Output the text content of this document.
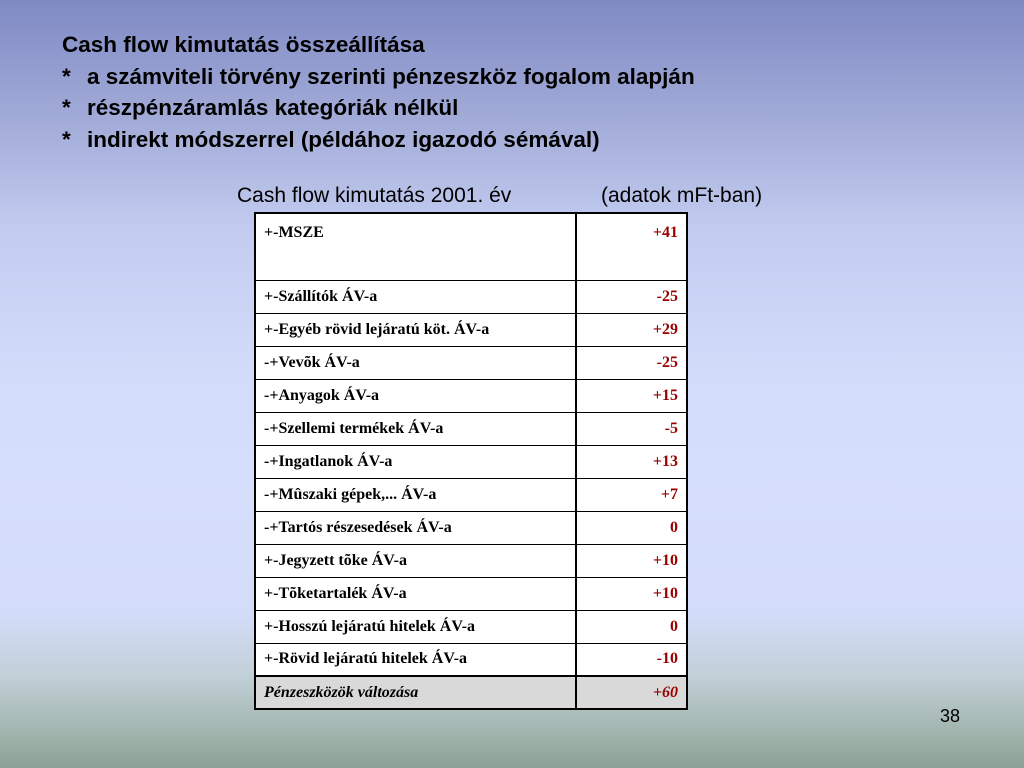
Cash flow kimutatás összeállítása
* a számviteli törvény szerinti pénzeszköz fogalom alapján
* részpénzáramlás kategóriák nélkül
* indirekt módszerrel (példához igazodó sémával)
Cash flow kimutatás 2001. év	(adatok mFt-ban)
+-MSZE	+41
+-Szállítók ÁV-a	-25
+-Egyéb rövid lejáratú köt. ÁV-a	+29
-+Vevõk ÁV-a	-25
-+Anyagok ÁV-a	+15
-+Szellemi termékek ÁV-a	-5
-+Ingatlanok ÁV-a	+13
-+Mûszaki gépek,... ÁV-a	+7
-+Tartós részesedések ÁV-a	0
+-Jegyzett tõke ÁV-a	+10
+-Tõketartalék ÁV-a	+10
+-Hosszú lejáratú hitelek ÁV-a	0
+-Rövid lejáratú hitelek ÁV-a	-10
Pénzeszközök változása	+60
38
